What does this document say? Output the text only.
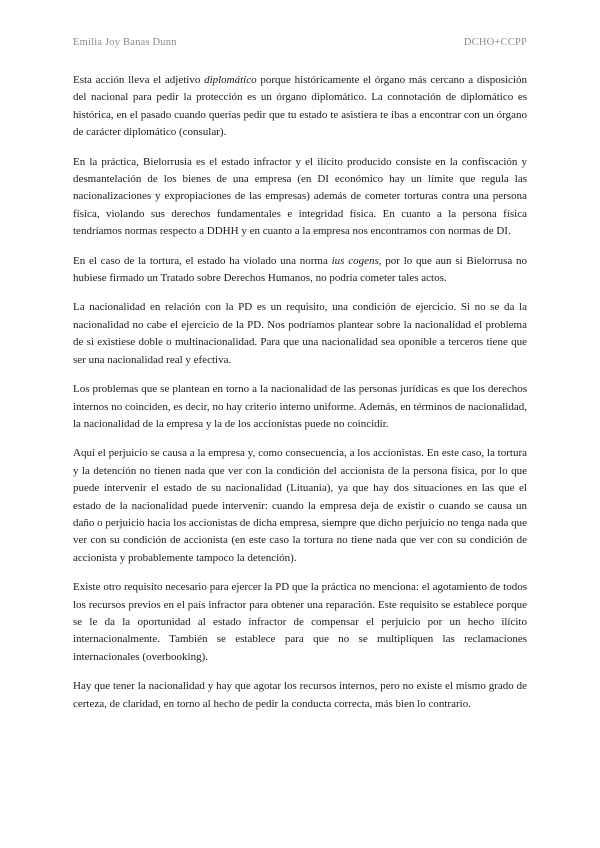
Emilia Joy Banas Dunn	DCHO+CCPP

Esta acción lleva el adjetivo diplomático porque históricamente el órgano más cercano a disposición del nacional para pedir la protección es un órgano diplomático. La connotación de diplomático es histórica, en el pasado cuando querías pedir que tu estado te asistiera te ibas a encontrar con un órgano de carácter diplomático (consular).

En la práctica, Bielorrusia es el estado infractor y el ilícito producido consiste en la confiscación y desmantelación de los bienes de una empresa (en DI económico hay un límite que regula las nacionalizaciones y expropiaciones de las empresas) además de cometer torturas contra una persona física, violando sus derechos fundamentales e integridad física. En cuanto a la persona física tendríamos normas respecto a DDHH y en cuanto a la empresa nos encontramos con normas de DI.

En el caso de la tortura, el estado ha violado una norma ius cogens, por lo que aun si Bielorrusa no hubiese firmado un Tratado sobre Derechos Humanos, no podría cometer tales actos.

La nacionalidad en relación con la PD es un requisito, una condición de ejercicio. Si no se da la nacionalidad no cabe el ejercicio de la PD. Nos podríamos plantear sobre la nacionalidad el problema de si existiese doble o multinacionalidad. Para que una nacionalidad sea oponible a terceros tiene que ser una nacionalidad real y efectiva.

Los problemas que se plantean en torno a la nacionalidad de las personas jurídicas es que los derechos internos no coinciden, es decir, no hay criterio interno uniforme. Además, en términos de nacionalidad, la nacionalidad de la empresa y la de los accionistas puede no coincidir.

Aquí el perjuicio se causa a la empresa y, como consecuencia, a los accionistas. En este caso, la tortura y la detención no tienen nada que ver con la condición del accionista de la persona física, por lo que puede intervenir el estado de su nacionalidad (Lituania), ya que hay dos situaciones en las que el estado de la nacionalidad puede intervenir: cuando la empresa deja de existir o cuando se causa un daño o perjuicio hacia los accionistas de dicha empresa, siempre que dicho perjuicio no tenga nada que ver con su condición de accionista (en este caso la tortura no tiene nada que ver con su condición de accionista y probablemente tampoco la detención).

Existe otro requisito necesario para ejercer la PD que la práctica no menciona: el agotamiento de todos los recursos previos en el país infractor para obtener una reparación. Este requisito se establece porque se le da la oportunidad al estado infractor de compensar el perjuicio por un hecho ilícito internacionalmente. También se establece para que no se multipliquen las reclamaciones internacionales (overbooking).

Hay que tener la nacionalidad y hay que agotar los recursos internos, pero no existe el mismo grado de certeza, de claridad, en torno al hecho de pedir la conducta correcta, más bien lo contrario.
